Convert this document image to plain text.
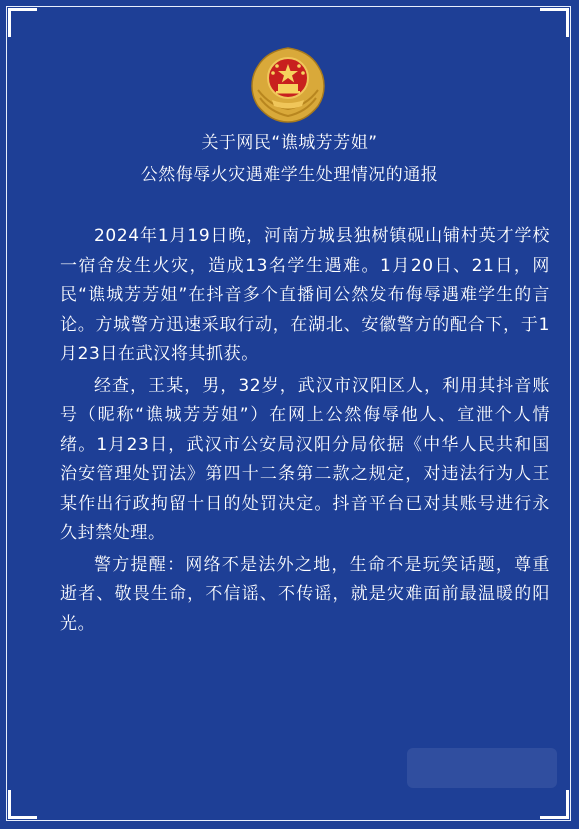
关于网民“谯城芳芳姐”
公然侮辱火灾遇难学生处理情况的通报

2024年1月19日晚，河南方城县独树镇砚山铺村英才学校一宿舍发生火灾，造成13名学生遇难。1月20日、21日，网民“谯城芳芳姐”在抖音多个直播间公然发布侮辱遇难学生的言论。方城警方迅速采取行动，在湖北、安徽警方的配合下，于1月23日在武汉将其抓获。

经查，王某，男，32岁，武汉市汉阳区人，利用其抖音账号（昵称“谯城芳芳姐”）在网上公然侮辱他人、宣泄个人情绪。1月23日，武汉市公安局汉阳分局依据《中华人民共和国治安管理处罚法》第四十二条第二款之规定，对违法行为人王某作出行政拘留十日的处罚决定。抖音平台已对其账号进行永久封禁处理。

警方提醒：网络不是法外之地，生命不是玩笑话题，尊重逝者、敬畏生命，不信谣、不传谣，就是灾难面前最温暖的阳光。
